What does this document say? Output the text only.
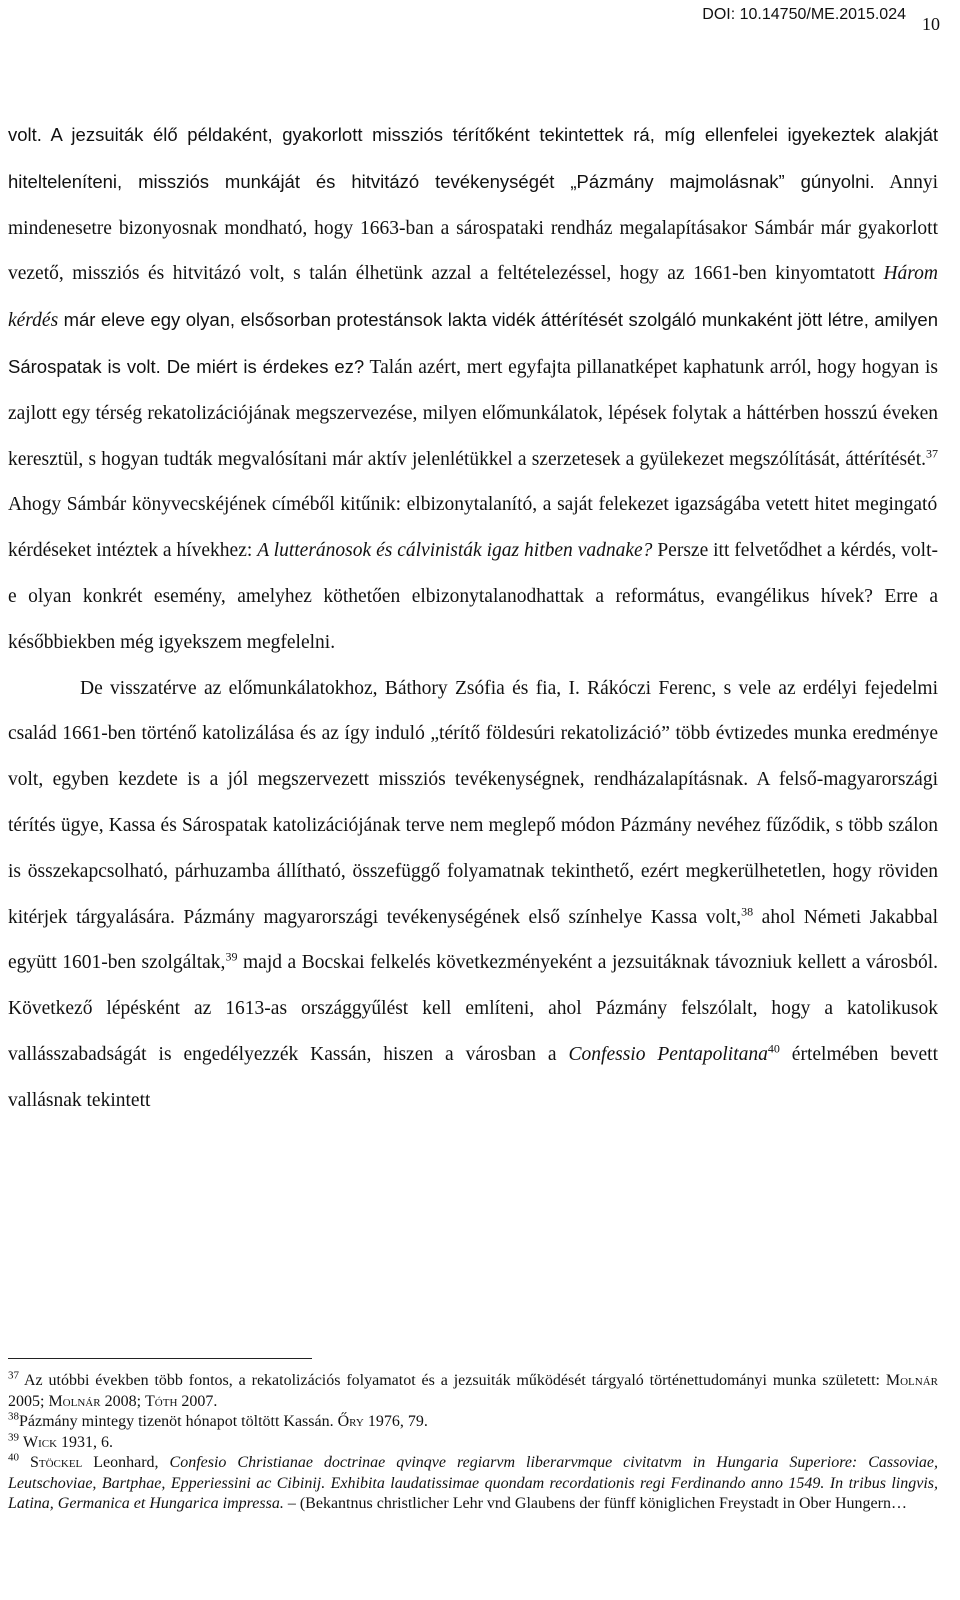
DOI: 10.14750/ME.2015.024 10

volt. A jezsuiták élő példaként, gyakorlott missziós térítőként tekintettek rá, míg ellenfelei igyekeztek alakját hitelteleníteni, missziós munkáját és hitvitázó tevékenységét „Pázmány majmolásnak” gúnyolni. Annyi mindenesetre bizonyosnak mondható, hogy 1663-ban a sárospataki rendház megalapításakor Sámbár már gyakorlott vezető, missziós és hitvitázó volt, s talán élhetünk azzal a feltételezéssel, hogy az 1661-ben kinyomtatott Három kérdés már eleve egy olyan, elsősorban protestánsok lakta vidék áttérítését szolgáló munkaként jött létre, amilyen Sárospatak is volt. De miért is érdekes ez? Talán azért, mert egyfajta pillanatképet kaphatunk arról, hogy hogyan is zajlott egy térség rekatolizációjának megszervezése, milyen előmunkálatok, lépések folytak a háttérben hosszú éveken keresztül, s hogyan tudták megvalósítani már aktív jelenlétükkel a szerzetesek a gyülekezet megszólítását, áttérítését.$^{37}$ Ahogy Sámbár könyvecskéjének címéből kitűnik: elbizonytalanító, a saját felekezet igazságába vetett hitet megingató kérdéseket intéztek a hívekhez: A lutteránosok és cálvinisták igaz hitben vadnake? Persze itt felvetődhet a kérdés, volt-e olyan konkrét esemény, amelyhez köthetően elbizonytalanodhattak a református, evangélikus hívek? Erre a későbbiekben még igyekszem megfelelni.

De visszatérve az előmunkálatokhoz, Báthory Zsófia és fia, I. Rákóczi Ferenc, s vele az erdélyi fejedelmi család 1661-ben történő katolizálása és az így induló „térítő földesúri rekatolizáció” több évtizedes munka eredménye volt, egyben kezdete is a jól megszervezett missziós tevékenységnek, rendházalapításnak. A felső-magyarországi térítés ügye, Kassa és Sárospatak katolizációjának terve nem meglepő módon Pázmány nevéhez fűződik, s több szálon is összekapcsolható, párhuzamba állítható, összefüggő folyamatnak tekinthető, ezért megkerülhetetlen, hogy röviden kitérjek tárgyalására. Pázmány magyarországi tevékenységének első színhelye Kassa volt,$^{38}$ ahol Németi Jakabbal együtt 1601-ben szolgáltak,$^{39}$ majd a Bocskai felkelés következményeként a jezsuitáknak távozniuk kellett a városból. Következő lépésként az 1613-as országgyűlést kell említeni, ahol Pázmány felszólalt, hogy a katolikusok vallásszabadságát is engedélyezzék Kassán, hiszen a városban a Confessio Pentapolitana$^{40}$ értelmében bevett vallásnak tekintett

$^{37}$ Az utóbbi években több fontos, a rekatolizációs folyamatot és a jezsuiták működését tárgyaló történettudományi munka született: Molnár 2005; Molnár 2008; Tóth 2007.

$^{38}$Pázmány mintegy tizenöt hónapot töltött Kassán. Őry 1976, 79.

$^{39}$ Wick 1931, 6.

$^{40}$ Stöckel Leonhard, Confesio Christianae doctrinae qvinqve regiarvm liberarvmque civitatvm in Hungaria Superiore: Cassoviae, Leutschoviae, Bartphae, Epperiessini ac Cibinij. Exhibita laudatissimae quondam recordationis regi Ferdinando anno 1549. In tribus lingvis, Latina, Germanica et Hungarica impressa. – (Bekantnus christlicher Lehr vnd Glaubens der fünff königlichen Freystadt in Ober Hungern…
